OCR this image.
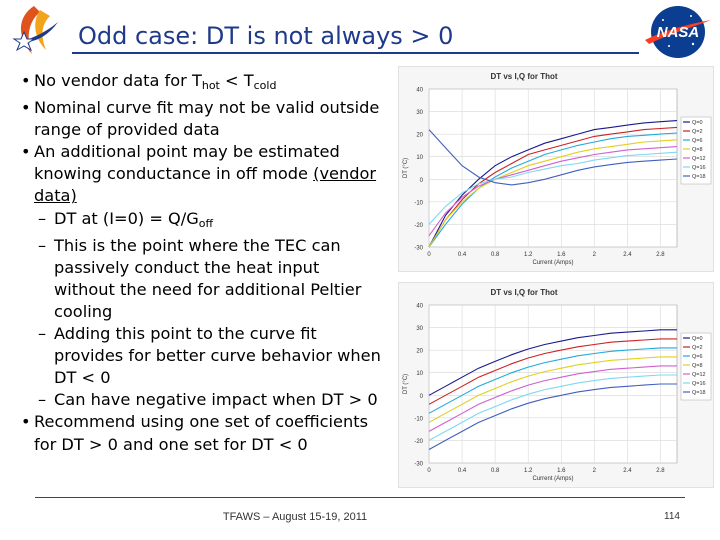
Odd case: DT is not always > 0	NASA
• No vendor data for $T_{hot} < T_{cold}$
• Nominal curve fit may not be valid outside
range of provided data
• An additional point may be estimated
knowing conductance in off mode (vendor
data)
– DT at $(I=0) = Q/G_{off}$
– This is the point where the TEC can
passively conduct the heat input
without the need for additional Peltier
cooling
– Adding this point to the curve fit
provides for better curve behavior when
DT < 0
– Can have negative impact when DT > 0
• Recommend using one set of coefficients
for DT > 0 and one set for DT < 0
DT vs I,Q for Thot
40
30
20
10
0
-10
-20
-30
0	0.4	0.8	1.2	1.6	2	2.4	2.8
Current (Amps)
DT (°C)
Q=0
Q=2
Q=6
Q=8
Q=12
Q=16
Q=18
DT vs I,Q for Thot
40
30
20
10
0
-10
-20
-30
0	0.4	0.8	1.2	1.6	2	2.4	2.8
Current (Amps)
DT (°C)
Q=0
Q=2
Q=6
Q=8
Q=12
Q=16
Q=18
TFAWS – August 15-19, 2011	114
